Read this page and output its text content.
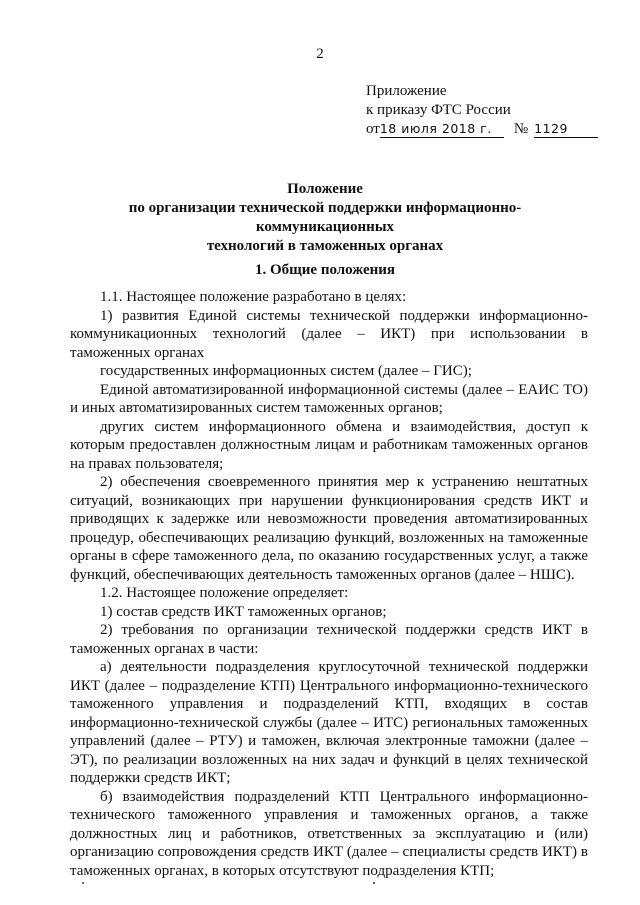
2
Приложение
к приказу ФТС России
от 18 июля 2018 г.	№ 1129
Положение
по организации технической поддержки информационно-коммуникационных
технологий в таможенных органах
1. Общие положения

1.1. Настоящее положение разработано в целях:

1) развития Единой системы технической поддержки информационно-коммуникационных технологий (далее – ИКТ) при использовании в таможенных органах

государственных информационных систем (далее – ГИС);

Единой автоматизированной информационной системы (далее – ЕАИС ТО) и иных автоматизированных систем таможенных органов;

других систем информационного обмена и взаимодействия, доступ к которым предоставлен должностным лицам и работникам таможенных органов на правах пользователя;

2) обеспечения своевременного принятия мер к устранению нештатных ситуаций, возникающих при нарушении функционирования средств ИКТ и приводящих к задержке или невозможности проведения автоматизированных процедур, обеспечивающих реализацию функций, возложенных на таможенные органы в сфере таможенного дела, по оказанию государственных услуг, а также функций, обеспечивающих деятельность таможенных органов (далее – НШС).

1.2. Настоящее положение определяет:

1) состав средств ИКТ таможенных органов;

2) требования по организации технической поддержки средств ИКТ в таможенных органах в части:

а) деятельности подразделения круглосуточной технической поддержки ИКТ (далее – подразделение КТП) Центрального информационно-технического таможенного управления и подразделений КТП, входящих в состав информационно-технической службы (далее – ИТС) региональных таможенных управлений (далее – РТУ) и таможен, включая электронные таможни (далее – ЭТ), по реализации возложенных на них задач и функций в целях технической поддержки средств ИКТ;

б) взаимодействия подразделений КТП Центрального информационно-технического таможенного управления и таможенных органов, а также должностных лиц и работников, ответственных за эксплуатацию и (или) организацию сопровождения средств ИКТ (далее – специалисты средств ИКТ) в таможенных органах, в которых отсутствуют подразделения КТП;
